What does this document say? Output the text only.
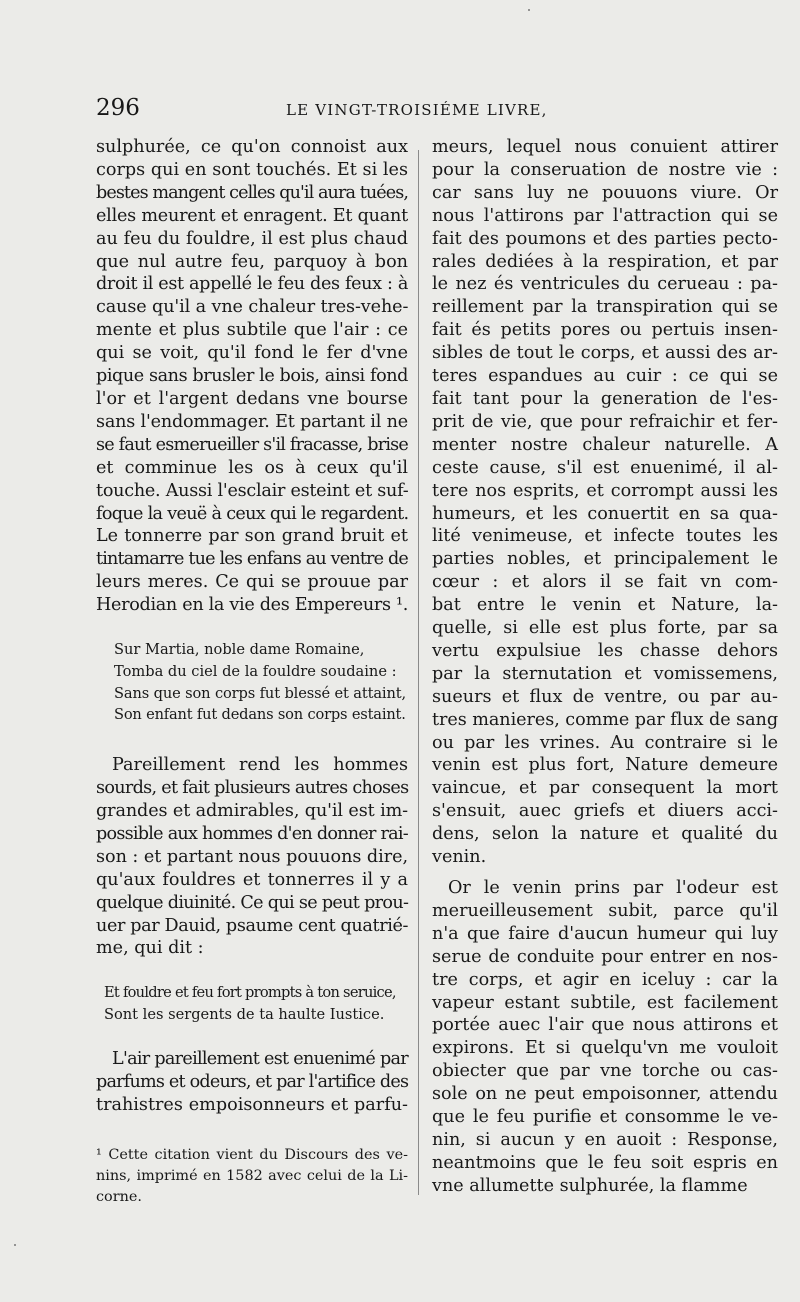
296	LE VINGT-TROISIÉME LIVRE,

sulphurée, ce qu'on connoist aux
corps qui en sont touchés. Et si les
bestes mangent celles qu'il aura tuées,
elles meurent et enragent. Et quant
au feu du fouldre, il est plus chaud
que nul autre feu, parquoy à bon
droit il est appellé le feu des feux : à
cause qu'il a vne chaleur tres-vehe-
mente et plus subtile que l'air : ce
qui se voit, qu'il fond le fer d'vne
pique sans brusler le bois, ainsi fond
l'or et l'argent dedans vne bourse
sans l'endommager. Et partant il ne
se faut esmerueiller s'il fracasse, brise
et comminue les os à ceux qu'il
touche. Aussi l'esclair esteint et suf-
foque la veuë à ceux qui le regardent.
Le tonnerre par son grand bruit et
tintamarre tue les enfans au ventre de
leurs meres. Ce qui se prouue par
Herodian en la vie des Empereurs ¹.

Sur Martia, noble dame Romaine,
Tomba du ciel de la fouldre soudaine :
Sans que son corps fut blessé et attaint,
Son enfant fut dedans son corps estaint.

Pareillement rend les hommes
sourds, et fait plusieurs autres choses
grandes et admirables, qu'il est im-
possible aux hommes d'en donner rai-
son : et partant nous pouuons dire,
qu'aux fouldres et tonnerres il y a
quelque diuinité. Ce qui se peut prou-
uer par Dauid, psaume cent quatrié-
me, qui dit :

Et fouldre et feu fort prompts à ton seruice,
Sont les sergents de ta haulte Iustice.

L'air pareillement est enuenimé par
parfums et odeurs, et par l'artifice des
trahistres empoisonneurs et parfu-

¹ Cette citation vient du Discours des ve-
nins, imprimé en 1582 avec celui de la Li-
corne.

meurs, lequel nous conuient attirer
pour la conseruation de nostre vie :
car sans luy ne pouuons viure. Or
nous l'attirons par l'attraction qui se
fait des poumons et des parties pecto-
rales dediées à la respiration, et par
le nez és ventricules du cerueau : pa-
reillement par la transpiration qui se
fait és petits pores ou pertuis insen-
sibles de tout le corps, et aussi des ar-
teres espandues au cuir : ce qui se
fait tant pour la generation de l'es-
prit de vie, que pour refraichir et fer-
menter nostre chaleur naturelle. A
ceste cause, s'il est enuenimé, il al-
tere nos esprits, et corrompt aussi les
humeurs, et les conuertit en sa qua-
lité venimeuse, et infecte toutes les
parties nobles, et principalement le
cœur : et alors il se fait vn com-
bat entre le venin et Nature, la-
quelle, si elle est plus forte, par sa
vertu expulsiue les chasse dehors
par la sternutation et vomissemens,
sueurs et flux de ventre, ou par au-
tres manieres, comme par flux de sang
ou par les vrines. Au contraire si le
venin est plus fort, Nature demeure
vaincue, et par consequent la mort
s'ensuit, auec griefs et diuers acci-
dens, selon la nature et qualité du
venin.

Or le venin prins par l'odeur est
merueilleusement subit, parce qu'il
n'a que faire d'aucun humeur qui luy
serue de conduite pour entrer en nos-
tre corps, et agir en iceluy : car la
vapeur estant subtile, est facilement
portée auec l'air que nous attirons et
expirons. Et si quelqu'vn me vouloit
obiecter que par vne torche ou cas-
sole on ne peut empoisonner, attendu
que le feu purifie et consomme le ve-
nin, si aucun y en auoit : Response,
neantmoins que le feu soit espris en
vne allumette sulphurée, la flamme
